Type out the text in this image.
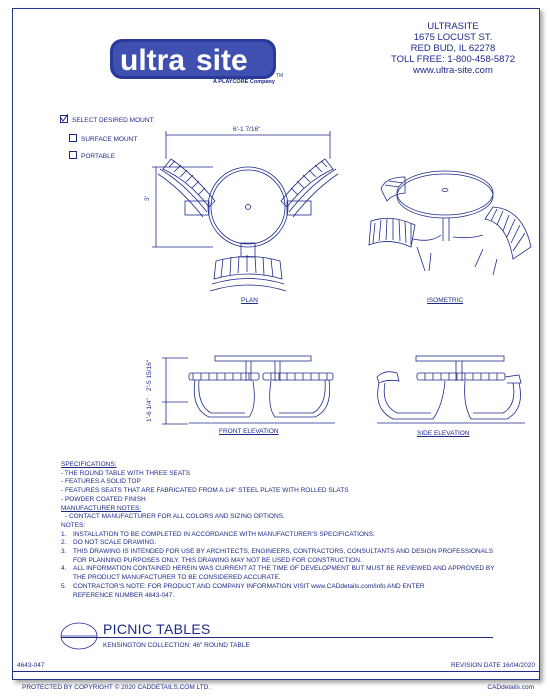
ultra site	TM
A PLAYCORE Company
ULTRASITE
1675 LOCUST ST.
RED BUD, IL 62278
TOLL FREE: 1-800-458-5872
www.ultra-site.com
SELECT DESIRED MOUNT:
SURFACE MOUNT
PORTABLE
6'-1 7/16"
3'
PLAN	ISOMETRIC
2'-5 15/16"
1'-6 1/4"
FRONT ELEVATION	SIDE ELEVATION
SPECIFICATIONS:
- THE ROUND TABLE WITH THREE SEATS
- FEATURES A SOLID TOP
- FEATURES SEATS THAT ARE FABRICATED FROM A 1/4" STEEL PLATE WITH ROLLED SLATS
- POWDER COATED FINISH
MANUFACTURER NOTES:
- CONTACT MANUFACTURER FOR ALL COLORS AND SIZING OPTIONS.
NOTES:
1. INSTALLATION TO BE COMPLETED IN ACCORDANCE WITH MANUFACTURER'S SPECIFICATIONS.
2. DO NOT SCALE DRAWING.
3. THIS DRAWING IS INTENDED FOR USE BY ARCHITECTS, ENGINEERS, CONTRACTORS, CONSULTANTS AND DESIGN PROFESSIONALS
FOR PLANNING PURPOSES ONLY. THIS DRAWING MAY NOT BE USED FOR CONSTRUCTION.
4. ALL INFORMATION CONTAINED HEREIN WAS CURRENT AT THE TIME OF DEVELOPMENT BUT MUST BE REVIEWED AND APPROVED BY
THE PRODUCT MANUFACTURER TO BE CONSIDERED ACCURATE.
5. CONTRACTOR'S NOTE: FOR PRODUCT AND COMPANY INFORMATION VISIT www.CADdetails.com/info AND ENTER
REFERENCE NUMBER 4643-047.
PICNIC TABLES
KENSINGTON COLLECTION: 46" ROUND TABLE
4643-047	REVISION DATE 16/04/2020
PROTECTED BY COPYRIGHT © 2020 CADDETAILS.COM LTD.	CADdetails.com
